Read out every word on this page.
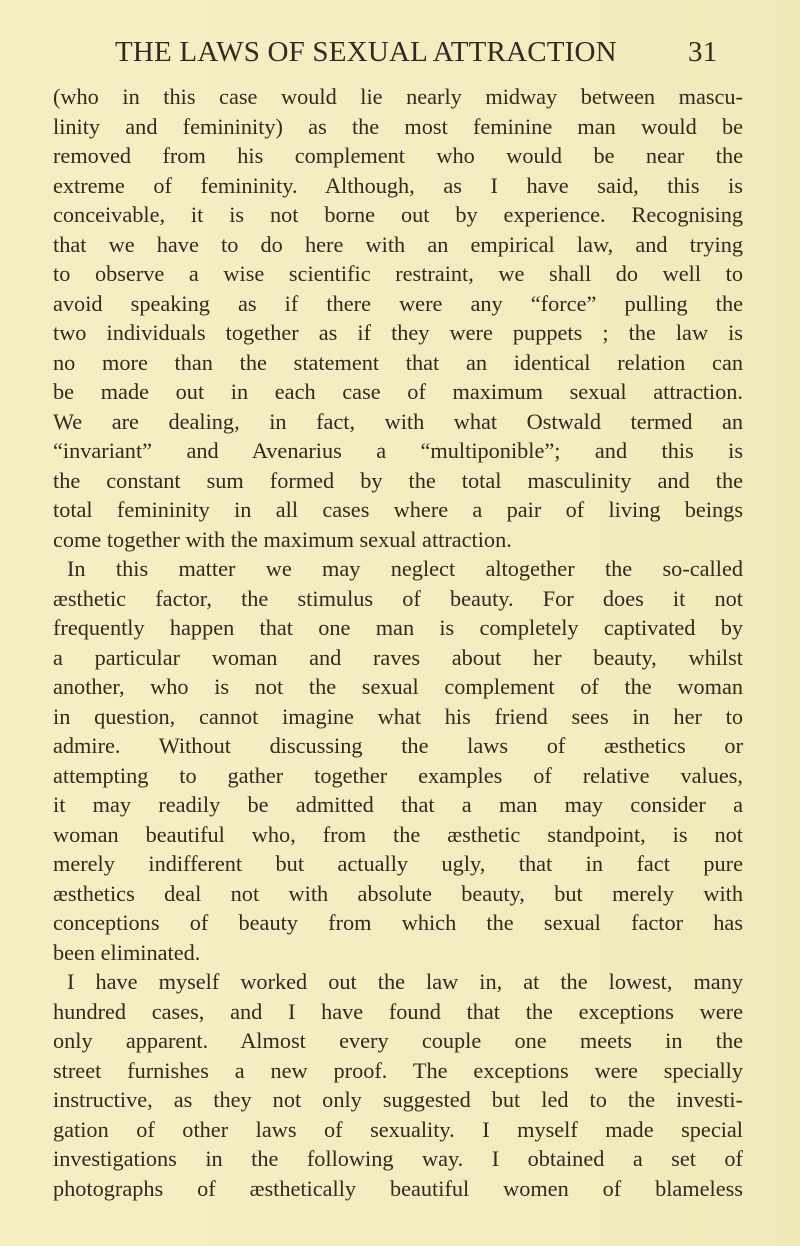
THE LAWS OF SEXUAL ATTRACTION 31
(who in this case would lie nearly midway between mascu-
linity and femininity) as the most feminine man would be
removed from his complement who would be near the
extreme of femininity. Although, as I have said, this is
conceivable, it is not borne out by experience. Recognising
that we have to do here with an empirical law, and trying
to observe a wise scientific restraint, we shall do well to
avoid speaking as if there were any “force” pulling the
two individuals together as if they were puppets ; the law is
no more than the statement that an identical relation can
be made out in each case of maximum sexual attraction.
We are dealing, in fact, with what Ostwald termed an
“invariant” and Avenarius a “multiponible”; and this is
the constant sum formed by the total masculinity and the
total femininity in all cases where a pair of living beings
come together with the maximum sexual attraction.
In this matter we may neglect altogether the so-called
æsthetic factor, the stimulus of beauty. For does it not
frequently happen that one man is completely captivated by
a particular woman and raves about her beauty, whilst
another, who is not the sexual complement of the woman
in question, cannot imagine what his friend sees in her to
admire. Without discussing the laws of æsthetics or
attempting to gather together examples of relative values,
it may readily be admitted that a man may consider a
woman beautiful who, from the æsthetic standpoint, is not
merely indifferent but actually ugly, that in fact pure
æsthetics deal not with absolute beauty, but merely with
conceptions of beauty from which the sexual factor has
been eliminated.
I have myself worked out the law in, at the lowest, many
hundred cases, and I have found that the exceptions were
only apparent. Almost every couple one meets in the
street furnishes a new proof. The exceptions were specially
instructive, as they not only suggested but led to the investi-
gation of other laws of sexuality. I myself made special
investigations in the following way. I obtained a set of
photographs of æsthetically beautiful women of blameless
